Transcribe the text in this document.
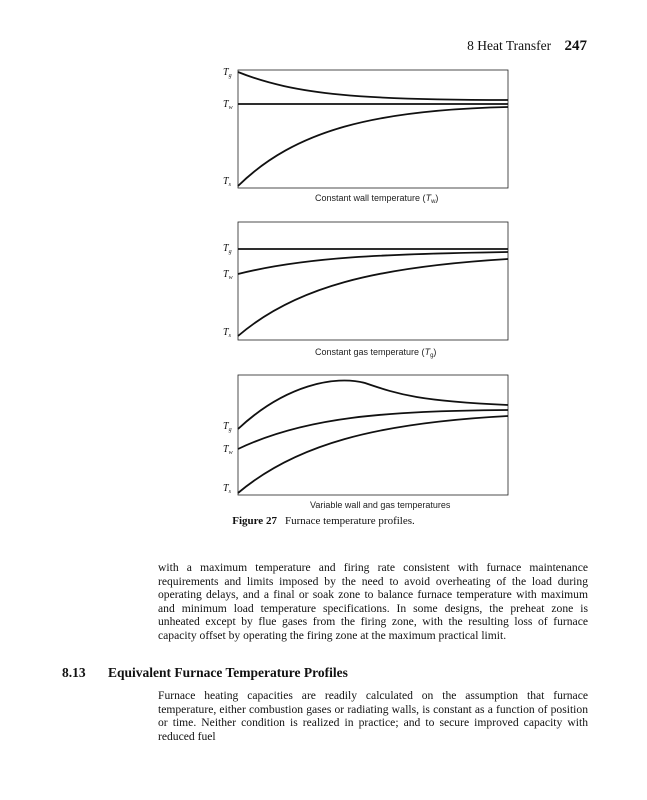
8 Heat Transfer 247
$T_g$
$T_w$
$T_s$
Constant wall temperature $(T_w)$
$T_g$
$T_w$
$T_s$
Constant gas temperature $(T_g)$
$T_g$
$T_w$
$T_s$
Variable wall and gas temperatures
Figure 27 Furnace temperature profiles.

with a maximum temperature and firing rate consistent with furnace maintenance requirements and limits imposed by the need to avoid overheating of the load during operating delays, and a final or soak zone to balance furnace temperature with maximum and minimum load temperature specifications. In some designs, the preheat zone is unheated except by flue gases from the firing zone, with the resulting loss of furnace capacity offset by operating the firing zone at the maximum practical limit.

8.13 Equivalent Furnace Temperature Profiles

Furnace heating capacities are readily calculated on the assumption that furnace temperature, either combustion gases or radiating walls, is constant as a function of position or time. Neither condition is realized in practice; and to secure improved capacity with reduced fuel
